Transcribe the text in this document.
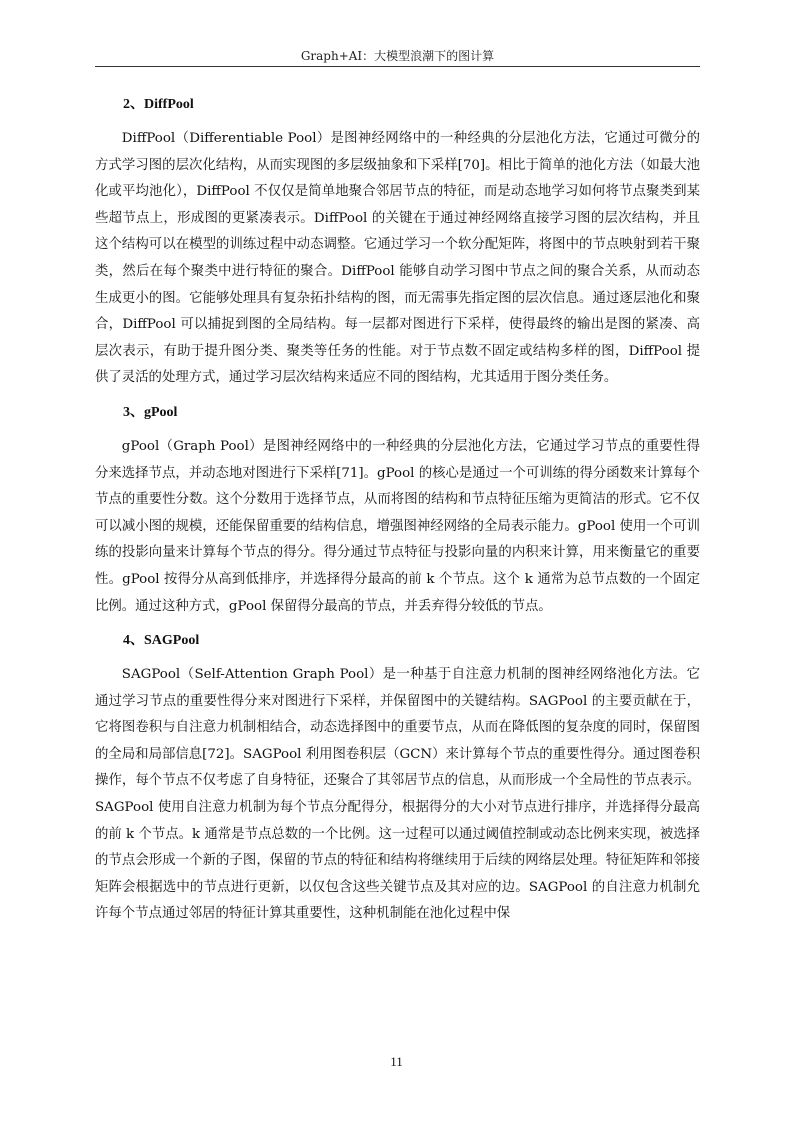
Graph+AI：大模型浪潮下的图计算
2、DiffPool

DiffPool（Differentiable Pool）是图神经网络中的一种经典的分层池化方法，它通过可微分的方式学习图的层次化结构，从而实现图的多层级抽象和下采样[70]。相比于简单的池化方法（如最大池化或平均池化），DiffPool 不仅仅是简单地聚合邻居节点的特征，而是动态地学习如何将节点聚类到某些超节点上，形成图的更紧凑表示。DiffPool 的关键在于通过神经网络直接学习图的层次结构，并且这个结构可以在模型的训练过程中动态调整。它通过学习一个软分配矩阵，将图中的节点映射到若干聚类，然后在每个聚类中进行特征的聚合。DiffPool 能够自动学习图中节点之间的聚合关系，从而动态生成更小的图。它能够处理具有复杂拓扑结构的图，而无需事先指定图的层次信息。通过逐层池化和聚合，DiffPool 可以捕捉到图的全局结构。每一层都对图进行下采样，使得最终的输出是图的紧凑、高层次表示，有助于提升图分类、聚类等任务的性能。对于节点数不固定或结构多样的图，DiffPool 提供了灵活的处理方式，通过学习层次结构来适应不同的图结构，尤其适用于图分类任务。

3、gPool

gPool（Graph Pool）是图神经网络中的一种经典的分层池化方法，它通过学习节点的重要性得分来选择节点，并动态地对图进行下采样[71]。gPool 的核心是通过一个可训练的得分函数来计算每个节点的重要性分数。这个分数用于选择节点，从而将图的结构和节点特征压缩为更简洁的形式。它不仅可以减小图的规模，还能保留重要的结构信息，增强图神经网络的全局表示能力。gPool 使用一个可训练的投影向量来计算每个节点的得分。得分通过节点特征与投影向量的内积来计算，用来衡量它的重要性。gPool 按得分从高到低排序，并选择得分最高的前 k 个节点。这个 k 通常为总节点数的一个固定比例。通过这种方式，gPool 保留得分最高的节点，并丢弃得分较低的节点。

4、SAGPool

SAGPool（Self-Attention Graph Pool）是一种基于自注意力机制的图神经网络池化方法。它通过学习节点的重要性得分来对图进行下采样，并保留图中的关键结构。SAGPool 的主要贡献在于，它将图卷积与自注意力机制相结合，动态选择图中的重要节点，从而在降低图的复杂度的同时，保留图的全局和局部信息[72]。SAGPool 利用图卷积层（GCN）来计算每个节点的重要性得分。通过图卷积操作，每个节点不仅考虑了自身特征，还聚合了其邻居节点的信息，从而形成一个全局性的节点表示。SAGPool 使用自注意力机制为每个节点分配得分，根据得分的大小对节点进行排序，并选择得分最高的前 k 个节点。k 通常是节点总数的一个比例。这一过程可以通过阈值控制或动态比例来实现，被选择的节点会形成一个新的子图，保留的节点的特征和结构将继续用于后续的网络层处理。特征矩阵和邻接矩阵会根据选中的节点进行更新，以仅包含这些关键节点及其对应的边。SAGPool 的自注意力机制允许每个节点通过邻居的特征计算其重要性，这种机制能在池化过程中保

11
